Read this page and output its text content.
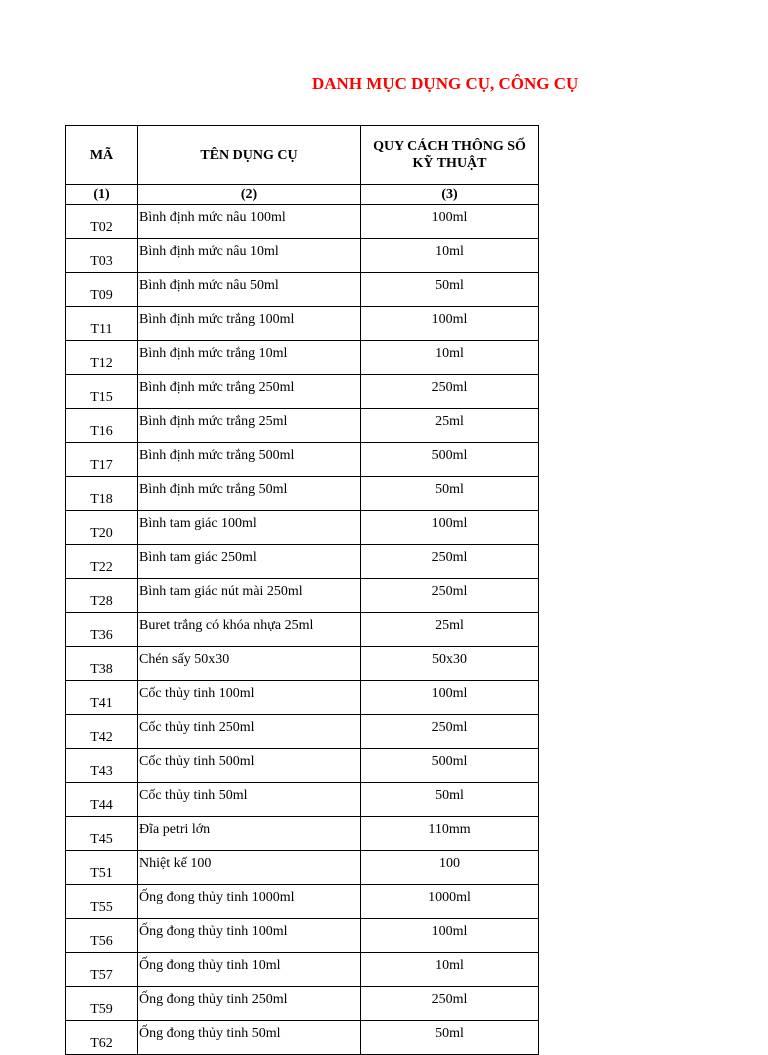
DANH MỤC DỤNG CỤ, CÔNG CỤ
MÃ	TÊN DỤNG CỤ	QUY CÁCH THÔNG SỐ KỸ THUẬT
(1)	(2)	(3)
T02	Bình định mức nâu 100ml	100ml
T03	Bình định mức nâu 10ml	10ml
T09	Bình định mức nâu 50ml	50ml
T11	Bình định mức trắng 100ml	100ml
T12	Bình định mức trắng 10ml	10ml
T15	Bình định mức trắng 250ml	250ml
T16	Bình định mức trắng 25ml	25ml
T17	Bình định mức trắng 500ml	500ml
T18	Bình định mức trắng 50ml	50ml
T20	Bình tam giác 100ml	100ml
T22	Bình tam giác 250ml	250ml
T28	Bình tam giác nút mài 250ml	250ml
T36	Buret trắng có khóa nhựa 25ml	25ml
T38	Chén sấy 50x30	50x30
T41	Cốc thủy tinh 100ml	100ml
T42	Cốc thủy tinh 250ml	250ml
T43	Cốc thủy tinh 500ml	500ml
T44	Cốc thủy tinh 50ml	50ml
T45	Đĩa petri lớn	110mm
T51	Nhiệt kế 100	100
T55	Ống đong thủy tinh 1000ml	1000ml
T56	Ống đong thủy tinh 100ml	100ml
T57	Ống đong thủy tinh 10ml	10ml
T59	Ống đong thủy tinh 250ml	250ml
T62	Ống đong thủy tinh 50ml	50ml
